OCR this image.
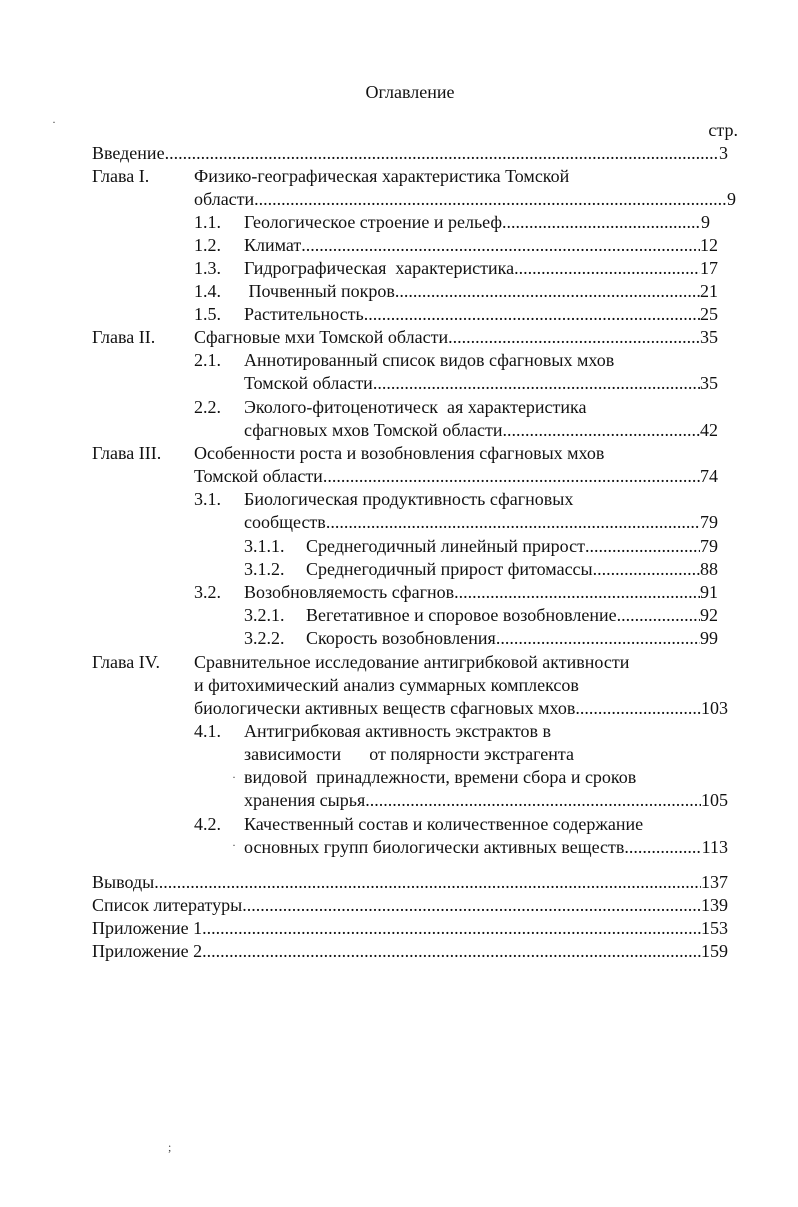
Оглавление
стр.
Введение .....	3
Глава I. Физико-географическая характеристика Томской
области .....	9
1.1. Геологическое строение и рельеф .....	9
1.2. Климат .....	12
1.3. Гидрографическая  характеристика .....	17
1.4. Почвенный покров .....	21
1.5. Растительность .....	25
Глава II. Сфагновые мхи Томской области .....	35
2.1. Аннотированный список видов сфагновых мхов
Томской области .....	35
2.2. Эколого-фитоценотическ  ая характеристика
сфагновых мхов Томской области .....	42
Глава III. Особенности роста и возобновления сфагновых мхов
Томской области .....	74
3.1. Биологическая продуктивность сфагновых
сообществ .....	79
3.1.1. Среднегодичный линейный прирост .....	79
3.1.2. Среднегодичный прирост фитомассы .....	88
3.2. Возобновляемость сфагнов .....	91
3.2.1. Вегетативное и споровое возобновление .....	92
3.2.2. Скорость возобновления .....	99
Глава IV. Сравнительное исследование антигрибковой активности
и фитохимический анализ суммарных комплексов
биологически активных веществ сфагновых мхов .....	103
4.1. Антигрибковая активность экстрактов в
зависимости от полярности экстрагента
видовой  принадлежности, времени сбора и сроков
хранения сырья .....	105
4.2. Качественный состав и количественное содержание
основных групп биологически активных веществ .....	113
Выводы .....	137
Список литературы .....	139
Приложение 1 .....	153
Приложение 2 .....	159
·
·
·
;
